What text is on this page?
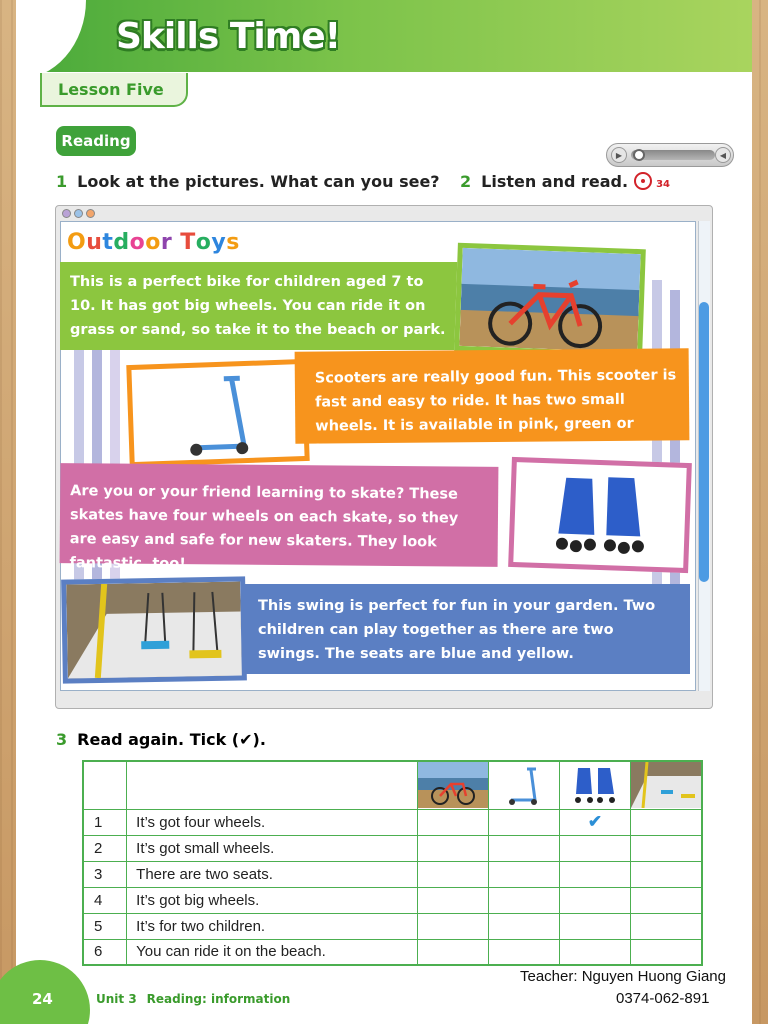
Skills Time!
Lesson Five
Reading
▶	◀
1 Look at the pictures. What can you see? 2 Listen and read.	34
Outdoor Toys
This is a perfect bike for children aged 7 to 10. It has got big wheels. You can ride it on grass or sand, so take it to the beach or park.
Scooters are really good fun. This scooter is fast and easy to ride. It has two small wheels. It is available in pink, green or blue.
Are you or your friend learning to skate? These skates have four wheels on each skate, so they are easy and safe for new skaters. They look fantastic, too!
This swing is perfect for fun in your garden. Two children can play together as there are two swings. The seats are blue and yellow.
3 Read again. Tick (✔).

1	It’s got four wheels.			✔	
2	It’s got small wheels.				
3	There are two seats.				
4	It’s got big wheels.				
5	It’s for two children.				
6	You can ride it on the beach.				
24	Unit 3 Reading: information
Teacher: Nguyen Huong Giang
0374-062-891
